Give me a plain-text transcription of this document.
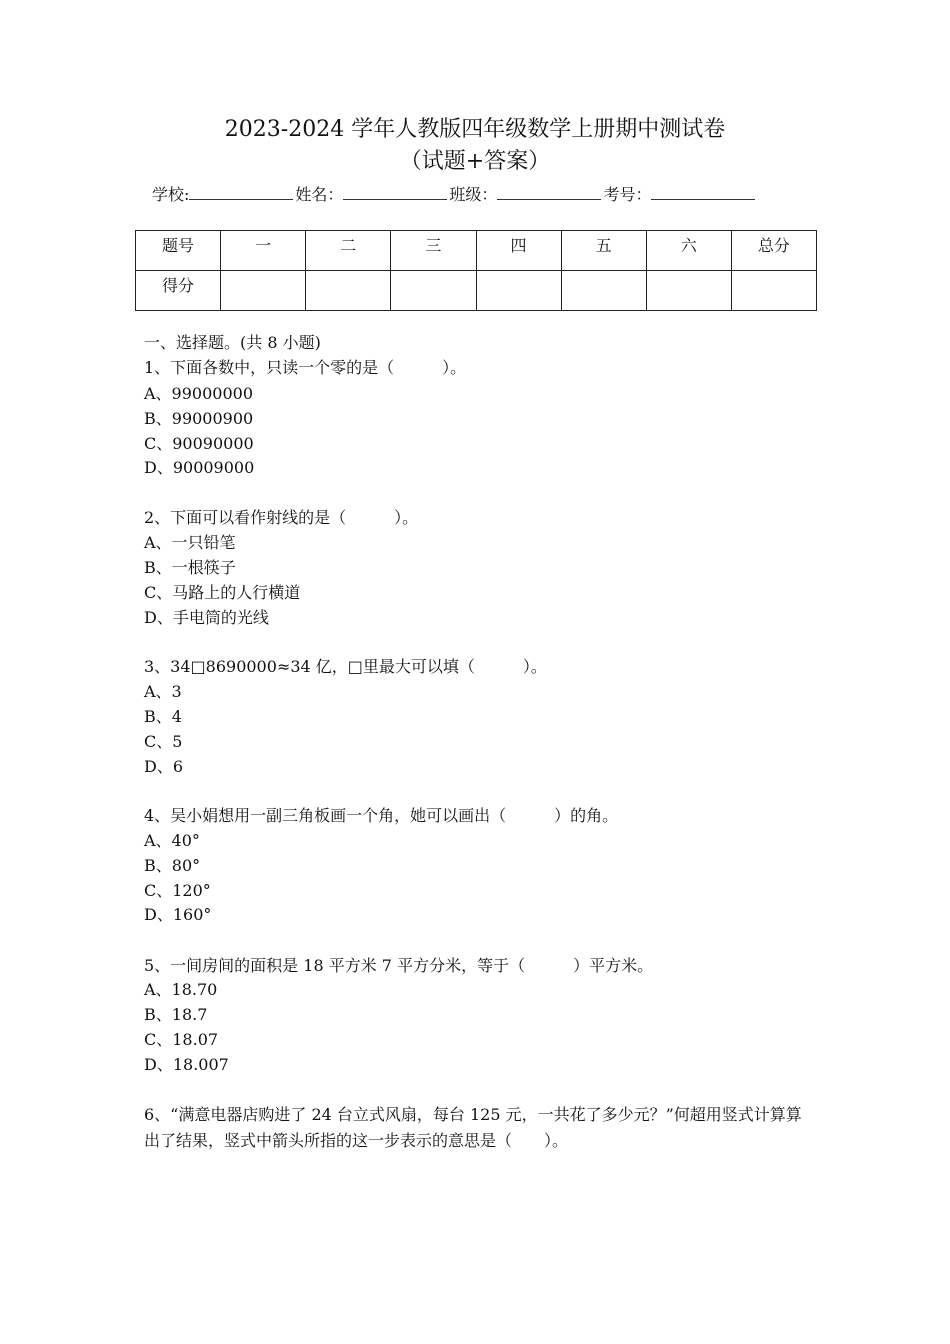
2023-2024 学年人教版四年级数学上册期中测试卷
（试题+答案）
学校:	姓名：	班级：	考号：
题号	一	二	三	四	五	六	总分
得分							
一、选择题。(共 8 小题)
1、下面各数中，只读一个零的是（　　　）。
A、99000000
B、99000900
C、90090000
D、90009000
2、下面可以看作射线的是（　　　）。
A、一只铅笔
B、一根筷子
C、马路上的人行横道
D、手电筒的光线
3、34□8690000≈34 亿，□里最大可以填（　　　）。
A、3
B、4
C、5
D、6
4、吴小娟想用一副三角板画一个角，她可以画出（　　　）的角。
A、40°
B、80°
C、120°
D、160°
5、一间房间的面积是 18 平方米 7 平方分米，等于（　　　）平方米。
A、18.70
B、18.7
C、18.07
D、18.007
6、“满意电器店购进了 24 台立式风扇，每台 125 元，一共花了多少元？”何超用竖式计算算出了结果，竖式中箭头所指的这一步表示的意思是（　　）。
